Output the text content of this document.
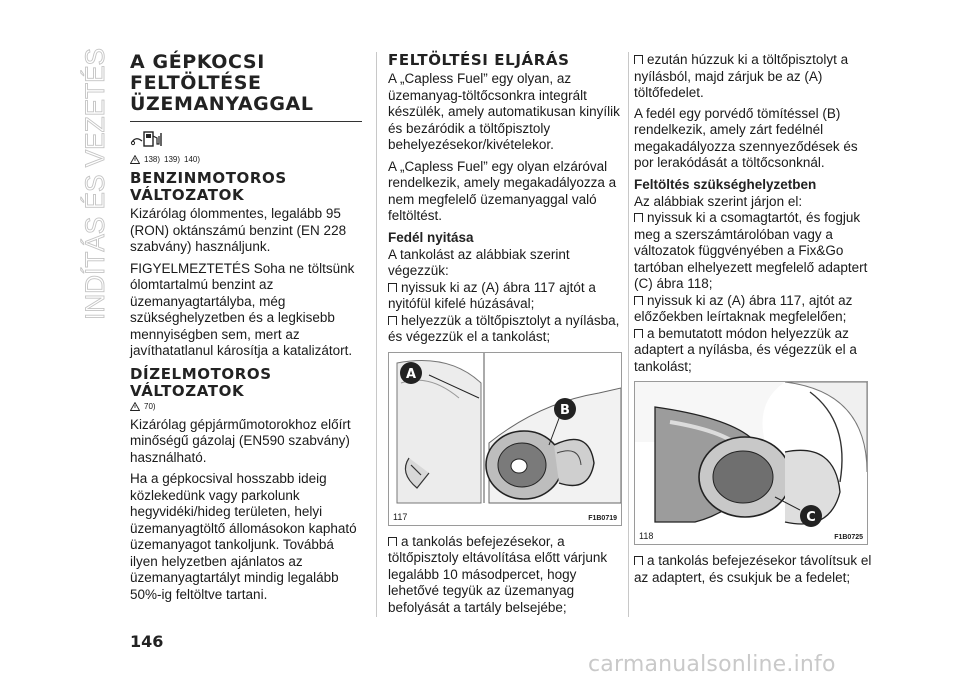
INDÍTÁS ÉS VEZETÉS A GÉPKOCSI
FELTÖLTÉSE
ÜZEMANYAGGAL
138) 139) 140)
BENZINMOTOROS
VÁLTOZATOK

Kizárólag ólommentes, legalább 95 (RON) oktánszámú benzint (EN 228 szabvány) használjunk.

FIGYELMEZTETÉS Soha ne töltsünk ólomtartalmú benzint az üzemanyagtartályba, még szükséghelyzetben és a legkisebb mennyiségben sem, mert az javíthatatlanul károsítja a katalizátort.

DÍZELMOTOROS
VÁLTOZATOK
70)

Kizárólag gépjárműmotorokhoz előírt minőségű gázolaj (EN590 szabvány) használható.

Ha a gépkocsival hosszabb ideig közlekedünk vagy parkolunk hegyvidéki/hideg területen, helyi üzemanyagtöltő állomásokon kapható üzemanyagot tankoljunk. Továbbá ilyen helyzetben ajánlatos az üzemanyagtartályt mindig legalább 50%-ig feltöltve tartani.

FELTÖLTÉSI ELJÁRÁS

A „Capless Fuel” egy olyan, az üzemanyag-töltőcsonkra integrált készülék, amely automatikusan kinyílik és bezáródik a töltőpisztoly behelyezésekor/kivételekor.

A „Capless Fuel” egy olyan elzáróval rendelkezik, amely megakadályozza a nem megfelelő üzemanyaggal való feltöltést.

Fedél nyitása

A tankolást az alábbiak szerint végezzük:

nyissuk ki az (A) ábra 117 ajtót a nyitófül kifelé húzásával;
helyezzük a töltőpisztolyt a nyílásba, és végezzük el a tankolást;
A
B
117	F1B0719
a tankolás befejezésekor, a töltőpisztoly eltávolítása előtt várjunk legalább 10 másodpercet, hogy lehetővé tegyük az üzemanyag befolyását a tartály belsejébe;
ezután húzzuk ki a töltőpisztolyt a nyílásból, majd zárjuk be az (A) töltőfedelet.

A fedél egy porvédő tömítéssel (B) rendelkezik, amely zárt fedélnél megakadályozza szennyeződések és por lerakódását a töltőcsonknál.

Feltöltés szükséghelyzetben

Az alábbiak szerint járjon el:

nyissuk ki a csomagtartót, és fogjuk meg a szerszámtárolóban vagy a változatok függvényében a Fix&Go tartóban elhelyezett megfelelő adaptert (C) ábra 118;
nyissuk ki az (A) ábra 117, ajtót az előzőekben leírtaknak megfelelően;
a bemutatott módon helyezzük az adaptert a nyílásba, és végezzük el a tankolást;
C
118	F1B0725
a tankolás befejezésekor távolítsuk el az adaptert, és csukjuk be a fedelet;
146
carmanualsonline.info
